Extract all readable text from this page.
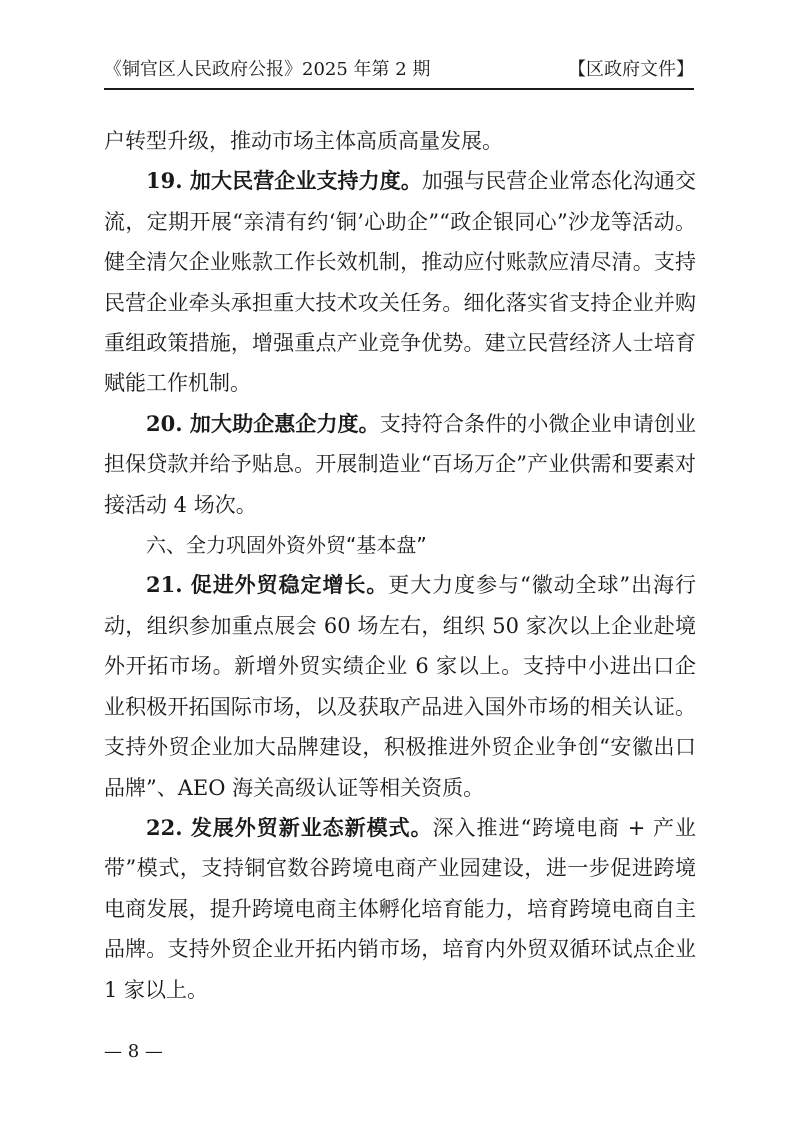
《铜官区人民政府公报》2025 年第 2 期	【区政府文件】

户转型升级，推动市场主体高质高量发展。

19. 加大民营企业支持力度。加强与民营企业常态化沟通交流，定期开展“亲清有约‘铜’心助企”“政企银同心”沙龙等活动。健全清欠企业账款工作长效机制，推动应付账款应清尽清。支持民营企业牵头承担重大技术攻关任务。细化落实省支持企业并购重组政策措施，增强重点产业竞争优势。建立民营经济人士培育赋能工作机制。

20. 加大助企惠企力度。支持符合条件的小微企业申请创业担保贷款并给予贴息。开展制造业“百场万企”产业供需和要素对接活动 4 场次。

六、全力巩固外资外贸“基本盘”

21. 促进外贸稳定增长。更大力度参与“徽动全球”出海行动，组织参加重点展会 60 场左右，组织 50 家次以上企业赴境外开拓市场。新增外贸实绩企业 6 家以上。支持中小进出口企业积极开拓国际市场，以及获取产品进入国外市场的相关认证。支持外贸企业加大品牌建设，积极推进外贸企业争创“安徽出口品牌”、AEO 海关高级认证等相关资质。

22. 发展外贸新业态新模式。深入推进“跨境电商 + 产业带”模式，支持铜官数谷跨境电商产业园建设，进一步促进跨境电商发展，提升跨境电商主体孵化培育能力，培育跨境电商自主品牌。支持外贸企业开拓内销市场，培育内外贸双循环试点企业 1 家以上。

— 8 —
